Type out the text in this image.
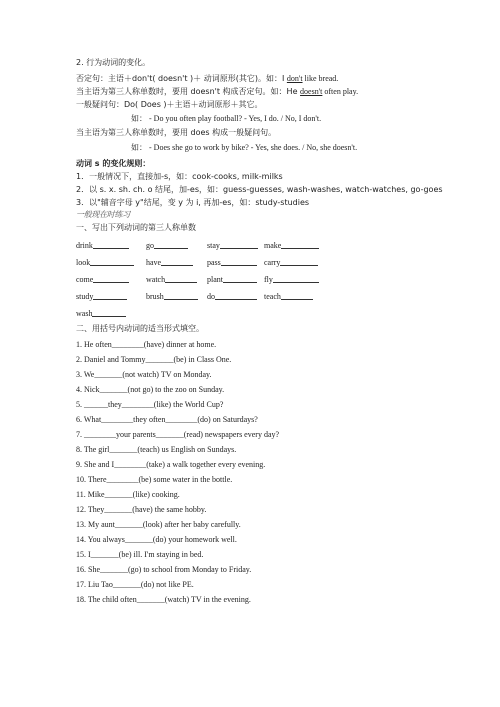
2. 行为动词的变化。
否定句：主语＋don't( doesn't )＋ 动词原形(其它)。如：I don't like bread.
当主语为第三人称单数时，要用 doesn't 构成否定句。如：He doesn't often play.
一般疑问句：Do( Does )＋主语＋动词原形＋其它。
如： - Do you often play football? - Yes, I do. / No, I don't.
当主语为第三人称单数时，要用 does 构成一般疑问句。
如： - Does she go to work by bike? - Yes, she does. / No, she doesn't.
动词 s 的变化规则：
1．一般情况下，直接加-s，如：cook-cooks, milk-milks
2．以 s. x. sh. ch. o 结尾，加-es，如：guess-guesses, wash-washes, watch-watches, go-goes
3．以"辅音字母 y"结尾，变 y 为 i, 再加-es，如：study-studies
一般现在时练习
一、写出下列动词的第三人称单数
drink	go	stay	make
look	have	pass	carry
come	watch	plant	fly
study	brush	do	teach
wash
二、用括号内动词的适当形式填空。
1. He often________(have) dinner at home.
2. Daniel and Tommy_______(be) in Class One.
3. We_______(not watch) TV on Monday.
4. Nick_______(not go) to the zoo on Sunday.
5. ______they________(like) the World Cup?
6. What________they often________(do) on Saturdays?
7. ________your parents_______(read) newspapers every day?
8. The girl_______(teach) us English on Sundays.
9. She and I________(take) a walk together every evening.
10. There________(be) some water in the bottle.
11. Mike_______(like) cooking.
12. They_______(have) the same hobby.
13. My aunt_______(look) after her baby carefully.
14. You always_______(do) your homework well.
15. I_______(be) ill. I'm staying in bed.
16. She_______(go) to school from Monday to Friday.
17. Liu Tao_______(do) not like PE.
18. The child often_______(watch) TV in the evening.
